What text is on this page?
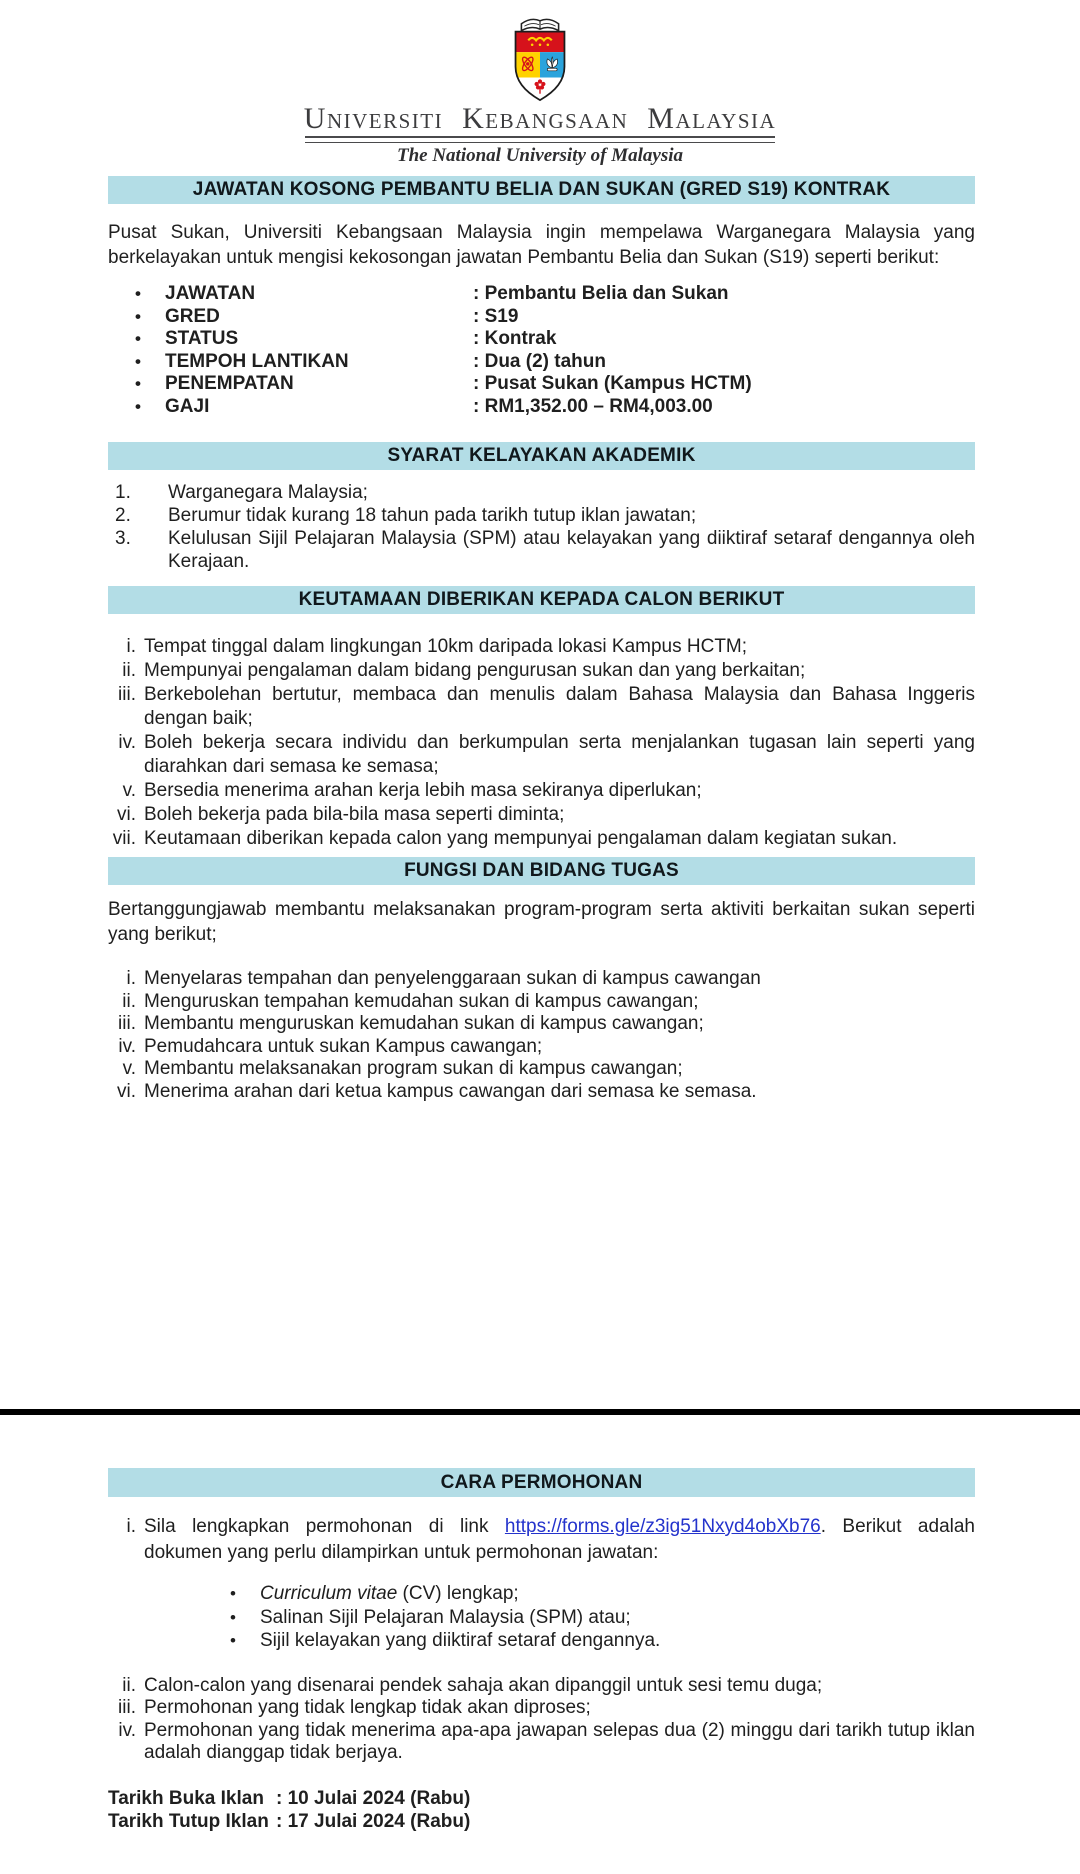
Universiti Kebangsaan Malaysia
The National University of Malaysia
JAWATAN KOSONG PEMBANTU BELIA DAN SUKAN (GRED S19) KONTRAK

Pusat Sukan, Universiti Kebangsaan Malaysia ingin mempelawa Warganegara Malaysia yang berkelayakan untuk mengisi kekosongan jawatan Pembantu Belia dan Sukan (S19) seperti berikut:

•	JAWATAN	: Pembantu Belia dan Sukan
•	GRED	: S19
•	STATUS	: Kontrak
•	TEMPOH LANTIKAN	: Dua (2) tahun
•	PENEMPATAN	: Pusat Sukan (Kampus HCTM)
•	GAJI	: RM1,352.00 – RM4,003.00
SYARAT KELAYAKAN AKADEMIK
1.	Warganegara Malaysia;
2.	Berumur tidak kurang 18 tahun pada tarikh tutup iklan jawatan;
3.	Kelulusan Sijil Pelajaran Malaysia (SPM) atau kelayakan yang diiktiraf setaraf dengannya oleh Kerajaan.
KEUTAMAAN DIBERIKAN KEPADA CALON BERIKUT
i. Tempat tinggal dalam lingkungan 10km daripada lokasi Kampus HCTM;
ii. Mempunyai pengalaman dalam bidang pengurusan sukan dan yang berkaitan;
iii. Berkebolehan bertutur, membaca dan menulis dalam Bahasa Malaysia dan Bahasa Inggeris dengan baik;
iv. Boleh bekerja secara individu dan berkumpulan serta menjalankan tugasan lain seperti yang diarahkan dari semasa ke semasa;
v. Bersedia menerima arahan kerja lebih masa sekiranya diperlukan;
vi. Boleh bekerja pada bila-bila masa seperti diminta;
vii. Keutamaan diberikan kepada calon yang mempunyai pengalaman dalam kegiatan sukan.
FUNGSI DAN BIDANG TUGAS

Bertanggungjawab membantu melaksanakan program-program serta aktiviti berkaitan sukan seperti yang berikut;

i. Menyelaras tempahan dan penyelenggaraan sukan di kampus cawangan
ii. Menguruskan tempahan kemudahan sukan di kampus cawangan;
iii. Membantu menguruskan kemudahan sukan di kampus cawangan;
iv. Pemudahcara untuk sukan Kampus cawangan;
v. Membantu melaksanakan program sukan di kampus cawangan;
vi. Menerima arahan dari ketua kampus cawangan dari semasa ke semasa.
CARA PERMOHONAN
i. Sila lengkapkan permohonan di link https://forms.gle/z3ig51Nxyd4obXb76. Berikut adalah dokumen yang perlu dilampirkan untuk permohonan jawatan:
•	Curriculum vitae (CV) lengkap;
•	Salinan Sijil Pelajaran Malaysia (SPM) atau;
•	Sijil kelayakan yang diiktiraf setaraf dengannya.
ii. Calon-calon yang disenarai pendek sahaja akan dipanggil untuk sesi temu duga;
iii. Permohonan yang tidak lengkap tidak akan diproses;
iv. Permohonan yang tidak menerima apa-apa jawapan selepas dua (2) minggu dari tarikh tutup iklan adalah dianggap tidak berjaya.
Tarikh Buka Iklan : 10 Julai 2024 (Rabu)
Tarikh Tutup Iklan : 17 Julai 2024 (Rabu)
